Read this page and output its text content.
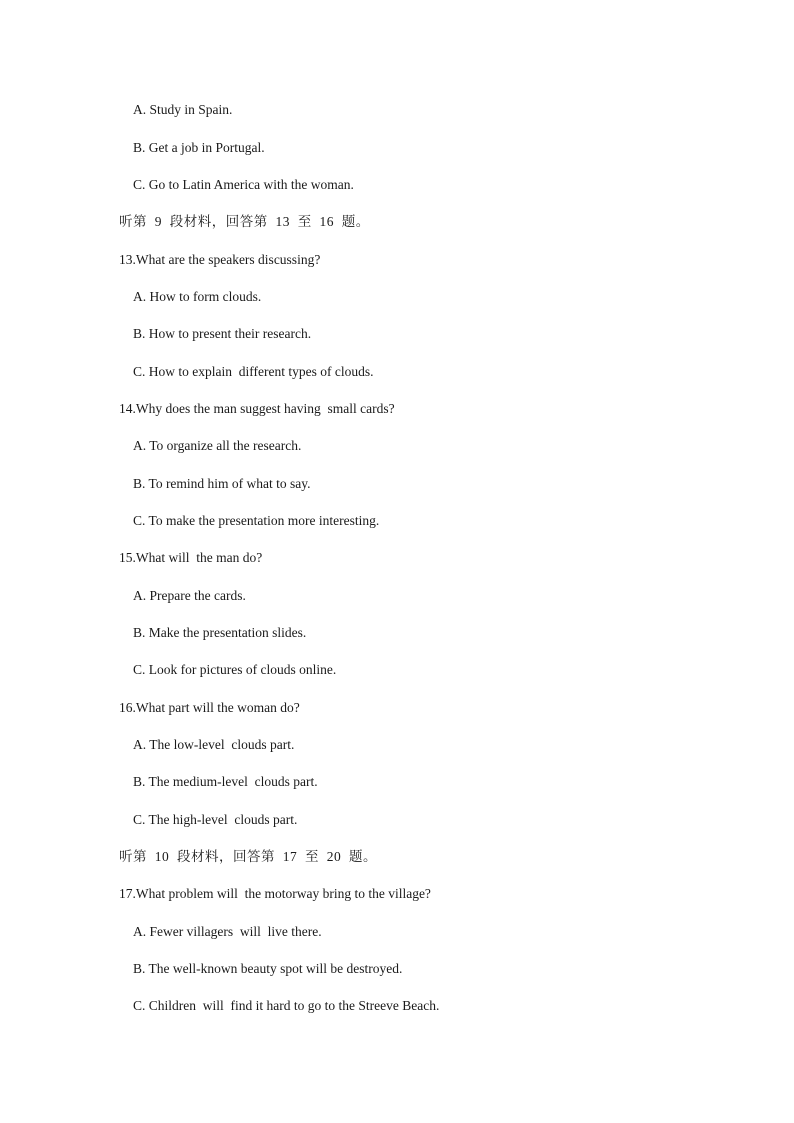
A. Study in Spain.
B. Get a job in Portugal.
C. Go to Latin America with the woman.
听第  9  段材料，回答第  13  至  16  题。
13.What are the speakers discussing?
A. How to form clouds.
B. How to present their research.
C. How to explain  different types of clouds.
14.Why does the man suggest having  small cards?
A. To organize all the research.
B. To remind him of what to say.
C. To make the presentation more interesting.
15.What will  the man do?
A. Prepare the cards.
B. Make the presentation slides.
C. Look for pictures of clouds online.
16.What part will the woman do?
A. The low-level  clouds part.
B. The medium-level  clouds part.
C. The high-level  clouds part.
听第  10  段材料，回答第  17  至  20  题。
17.What problem will  the motorway bring to the village?
A. Fewer villagers  will  live there.
B. The well-known beauty spot will be destroyed.
C. Children  will  find it hard to go to the Streeve Beach.
